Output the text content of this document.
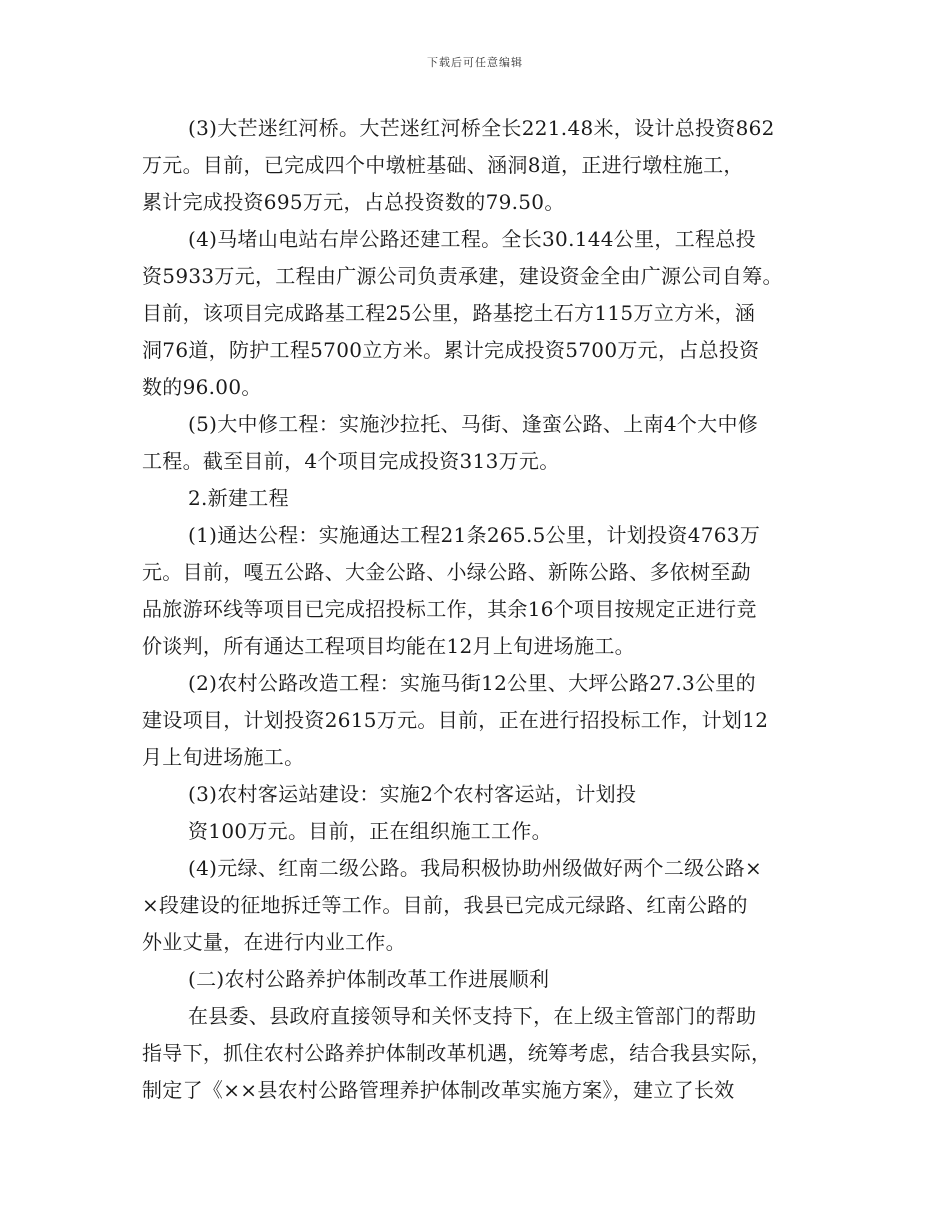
下载后可任意编辑
(3)大芒迷红河桥。大芒迷红河桥全长221.48米，设计总投资862
万元。目前，已完成四个中墩桩基础、涵洞8道，正进行墩柱施工，
累计完成投资695万元，占总投资数的79.50。
(4)马堵山电站右岸公路还建工程。全长30.144公里，工程总投
资5933万元，工程由广源公司负责承建，建设资金全由广源公司自筹。
目前，该项目完成路基工程25公里，路基挖土石方115万立方米，涵
洞76道，防护工程5700立方米。累计完成投资5700万元，占总投资
数的96.00。
(5)大中修工程：实施沙拉托、马街、逢蛮公路、上南4个大中修
工程。截至目前，4个项目完成投资313万元。
2.新建工程
(1)通达公程：实施通达工程21条265.5公里，计划投资4763万
元。目前，嘎五公路、大金公路、小绿公路、新陈公路、多依树至勐
品旅游环线等项目已完成招投标工作，其余16个项目按规定正进行竞
价谈判，所有通达工程项目均能在12月上旬进场施工。
(2)农村公路改造工程：实施马街12公里、大坪公路27.3公里的
建设项目，计划投资2615万元。目前，正在进行招投标工作，计划12
月上旬进场施工。
(3)农村客运站建设：实施2个农村客运站，计划投
资100万元。目前，正在组织施工工作。
(4)元绿、红南二级公路。我局积极协助州级做好两个二级公路×
×段建设的征地拆迁等工作。目前，我县已完成元绿路、红南公路的
外业丈量，在进行内业工作。
(二)农村公路养护体制改革工作进展顺利
在县委、县政府直接领导和关怀支持下，在上级主管部门的帮助
指导下，抓住农村公路养护体制改革机遇，统筹考虑，结合我县实际，
制定了《××县农村公路管理养护体制改革实施方案》，建立了长效
